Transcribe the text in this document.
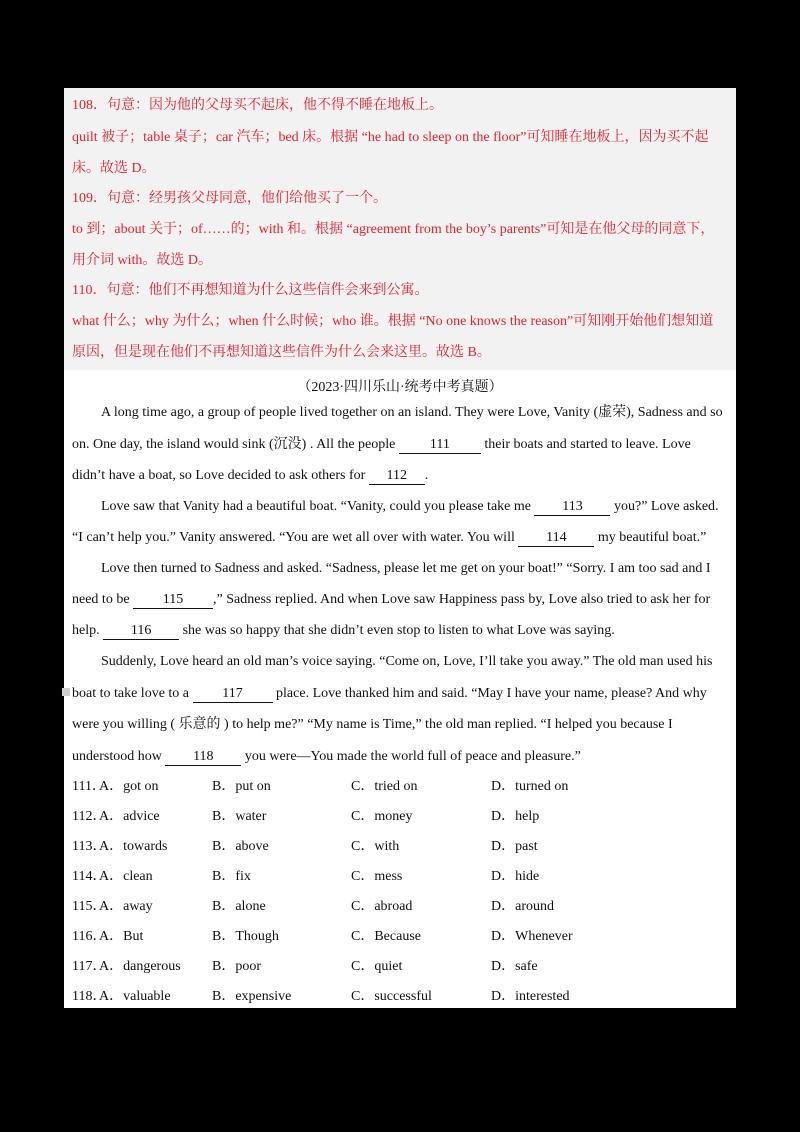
108．句意：因为他的父母买不起床，他不得不睡在地板上。
quilt 被子；table 桌子；car 汽车；bed 床。根据 “he had to sleep on the floor”可知睡在地板上，因为买不起
床。故选 D。
109．句意：经男孩父母同意，他们给他买了一个。
to 到；about 关于；of……的；with 和。根据 “agreement from the boy’s parents”可知是在他父母的同意下，
用介词 with。故选 D。
110．句意：他们不再想知道为什么这些信件会来到公寓。
what 什么；why 为什么；when 什么时候；who 谁。根据 “No one knows the reason”可知刚开始他们想知道
原因，但是现在他们不再想知道这些信件为什么会来这里。故选 B。
（2023·四川乐山·统考中考真题）
A long time ago, a group of people lived together on an island. They were Love, Vanity (虚荣), Sadness and so
on. One day, the island would sink (沉没) . All the people 111 their boats and started to leave. Love
didn’t have a boat, so Love decided to ask others for 112 .
Love saw that Vanity had a beautiful boat. “Vanity, could you please take me 113 you?” Love asked.
“I can’t help you.” Vanity answered. “You are wet all over with water. You will 114 my beautiful boat.”
Love then turned to Sadness and asked. “Sadness, please let me get on your boat!” “Sorry. I am too sad and I
need to be 115 ,” Sadness replied. And when Love saw Happiness pass by, Love also tried to ask her for
help. 116 she was so happy that she didn’t even stop to listen to what Love was saying.
Suddenly, Love heard an old man’s voice saying. “Come on, Love, I’ll take you away.” The old man used his
boat to take love to a 117 place. Love thanked him and said. “May I have your name, please? And why
were you willing ( 乐意的 ) to help me?” “My name is Time,” the old man replied. “I helped you because I
understood how 118 you were—You made the world full of peace and pleasure.”
111．
A．got on	B．put on	C．tried on	D．turned on
112．
A．advice	B．water	C．money	D．help
113．
A．towards	B．above	C．with	D．past
114．
A．clean	B．fix	C．mess	D．hide
115．
A．away	B．alone	C．abroad	D．around
116．
A．But	B．Though	C．Because	D．Whenever
117．
A．dangerous B．poor	C．quiet	D．safe
118．
A．valuable	B．expensive	C．successful	D．interested
